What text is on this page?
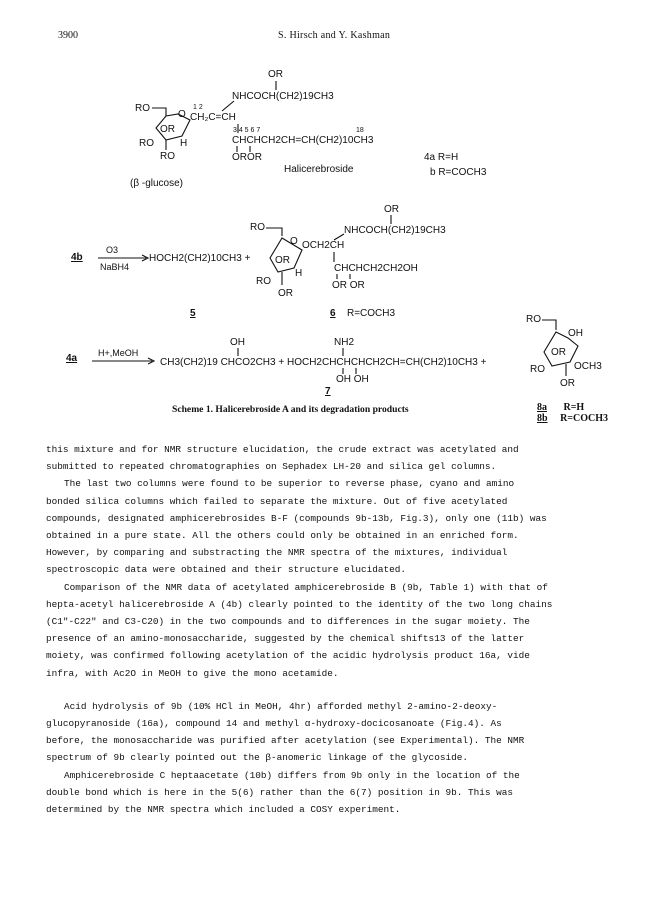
3900	S. Hirsch and Y. Kashman
OR
NHCOCH(CH2)19CH3
1 2
CH₂C=CH
3 4 5 6 7	18
CHCHCH2CH=CH(CH2)10CH3
OROR
RO
O
OR
H
RO
RO
(β -glucose)
Halicerebroside
4a R=H
b R=COCH3
4b
O3
NaBH4
HOCH2(CH2)10CH3 +
OR
NHCOCH(CH2)19CH3
RO
O OCH2CH
OR
H
RO
OR
CHCHCH2CH2OH
OR OR
5	6 R=COCH3
4a H+,MeOH
OH	NH2
CH3(CH2)19 CHCO2CH3 + HOCH2CHCHCHCH2CH=CH(CH2)10CH3 +
OH OH
7
RO
OH
OR
RO	OCH3
OR
Scheme 1. Halicerebroside A and its degradation products	8a R=H
8b R=COCH3

this mixture and for NMR structure elucidation, the crude extract was acetylated and
submitted to repeated chromatographies on Sephadex LH-20 and silica gel columns.

The last two columns were found to be superior to reverse phase, cyano and amino
bonded silica columns which failed to separate the mixture. Out of five acetylated
compounds, designated amphicerebrosides B-F (compounds 9b-13b, Fig.3), only one (11b) was
obtained in a pure state. All the others could only be obtained in an enriched form.
However, by comparing and substracting the NMR spectra of the mixtures, individual
spectroscopic data were obtained and their structure elucidated.

Comparison of the NMR data of acetylated amphicerebroside B (9b, Table 1) with that of
hepta-acetyl halicerebroside A (4b) clearly pointed to the identity of the two long chains
(C1"-C22" and C3-C20) in the two compounds and to differences in the sugar moiety. The
presence of an amino-monosaccharide, suggested by the chemical shifts13 of the latter
moiety, was confirmed following acetylation of the acidic hydrolysis product 16a, vide
infra, with Ac2O in MeOH to give the mono acetamide.

Acid hydrolysis of 9b (10% HCl in MeOH, 4hr) afforded methyl 2-amino-2-deoxy-
glucopyranoside (16a), compound 14 and methyl α-hydroxy-docicosanoate (Fig.4). As
before, the monosaccharide was purified after acetylation (see Experimental). The NMR
spectrum of 9b clearly pointed out the β-anomeric linkage of the glycoside.

Amphicerebroside C heptaacetate (10b) differs from 9b only in the location of the
double bond which is here in the 5(6) rather than the 6(7) position in 9b. This was
determined by the NMR spectra which included a COSY experiment.
